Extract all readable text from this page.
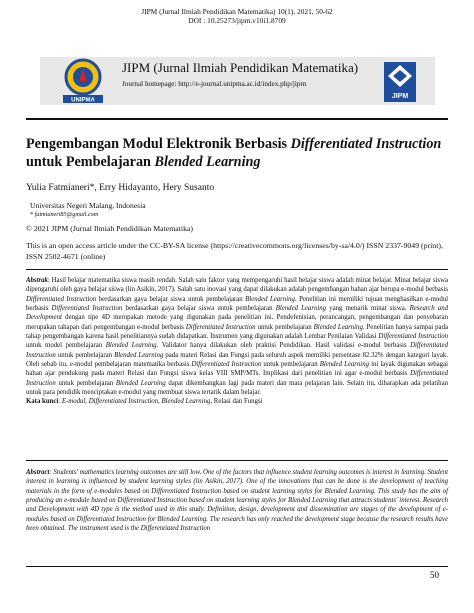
JIPM (Jurnal Ilmiah Pendidikan Matematika) 10(1), 2021, 50-62
DOI : 10.25273/jipm.v10i1.8709
UNIPMA
JIPM (Jurnal Ilmiah Pendidikan Matematika)
Journal homepage: http://e-journal.unipma.ac.id/index.php/jipm
JIPM
Pengembangan Modul Elektronik Berbasis Differentiated Instruction untuk Pembelajaran Blended Learning
Yulia Fatmianeri*, Erry Hidayanto, Hery Susanto
Universitas Negeri Malang, Indonesia
* fatmianeri85@gmail.com
© 2021 JIPM (Jurnal Ilmiah Pendidikan Matematika)
This is an open access article under the CC-BY-SA license (https://creativecommons.org/licenses/by-sa/4.0/) ISSN 2337-9049 (print), ISSN 2502-4671 (online)
Abstrak: Hasil belajar matematika siswa masih rendah. Salah satu faktor yang mempengaruhi hasil belajar siswa adalah minat belajar. Minat belajar siswa dipengaruhi oleh gaya belajar siswa (lin Asikin, 2017). Salah satu inovasi yang dapat dilakukan adalah pengembangan bahan ajar berupa e-modul berbasis Differentiated Instruction berdasarkan gaya belajar siswa untuk pembelajaran Blended Learning. Penelitian ini memiliki tujuan menghasilkan e-modul berbasis Differentiated Instruction berdasarkan gaya belajar siswa untuk pembelajaran Blended Learning yang menarik minat siswa. Research and Development dengan tipe 4D merupakan metode yang digunakan pada penelitian ini. Pendefenisian, perancangan, pengembangan dan penyebaran merupakan tahapan dari pengembangan e-modul berbasis Differentiated Instruction untuk pembelajaran Blended Learning. Penelitian hanya sampai pada tahap pengembangan karena hasil penelitiannya sudah didapatkan. Instrumen yang digunakan adalah Lembar Penilaian Validasi Differentiated Instruction untuk model pembelajaran Blended Learning. Validator hanya dilakukan oleh praktisi Pendidikan. Hasil validasi e-modul berbasis Differentiated Instruction untuk pembelajaran Blended Learning pada materi Relasi dan Fungsi pada seluruh aspek memiliki persentase 82.32% dengan kategori layak. Oleh sebab itu, e-modul pembelajaran matematika berbasis Differentiated Instruction untuk pembelajaran Blended Learning ini layak digunakan sebagai bahan ajar pendukung pada materi Relasi dan Fungsi siswa kelas VIII SMP/MTs. Implikasi dari penelitian ini agar e-modul berbasis Differentiated Instruction untuk pembelajaran Blended Learning dapat dikembangkan lagi pada materi dan mata pelajaran lain. Selain itu, diharapkan ada pelatihan untuk para pendidik menciptakan e-modul yang membuat siswa tertarik dalam belajar.
Kata kunci: E-modul, Differentiated Instruction, Blended Learning, Relasi dan Fungsi
Abstract: Students' mathematics learning outcomes are still low. One of the factors that influence student learning outcomes is interest in learning. Student interest in learning is influenced by student learning styles (lin Asikin, 2017). One of the innovations that can be done is the development of teaching materials in the form of e-modules based on Differentiated Instruction based on student learning styles for Blended Learning. This study has the aim of producing an e-module based on Differentiated Instruction based on student learning styles for Blended Learning that attracts students' interest. Research and Development with 4D type is the method used in this study. Definition, design, development and dissemination are stages of the development of e-modules based on Differentiated Instruction for Blended Learning. The research has only reached the development stage because the research results have been obtained. The instrument used is the Differentiated Instruction
50
